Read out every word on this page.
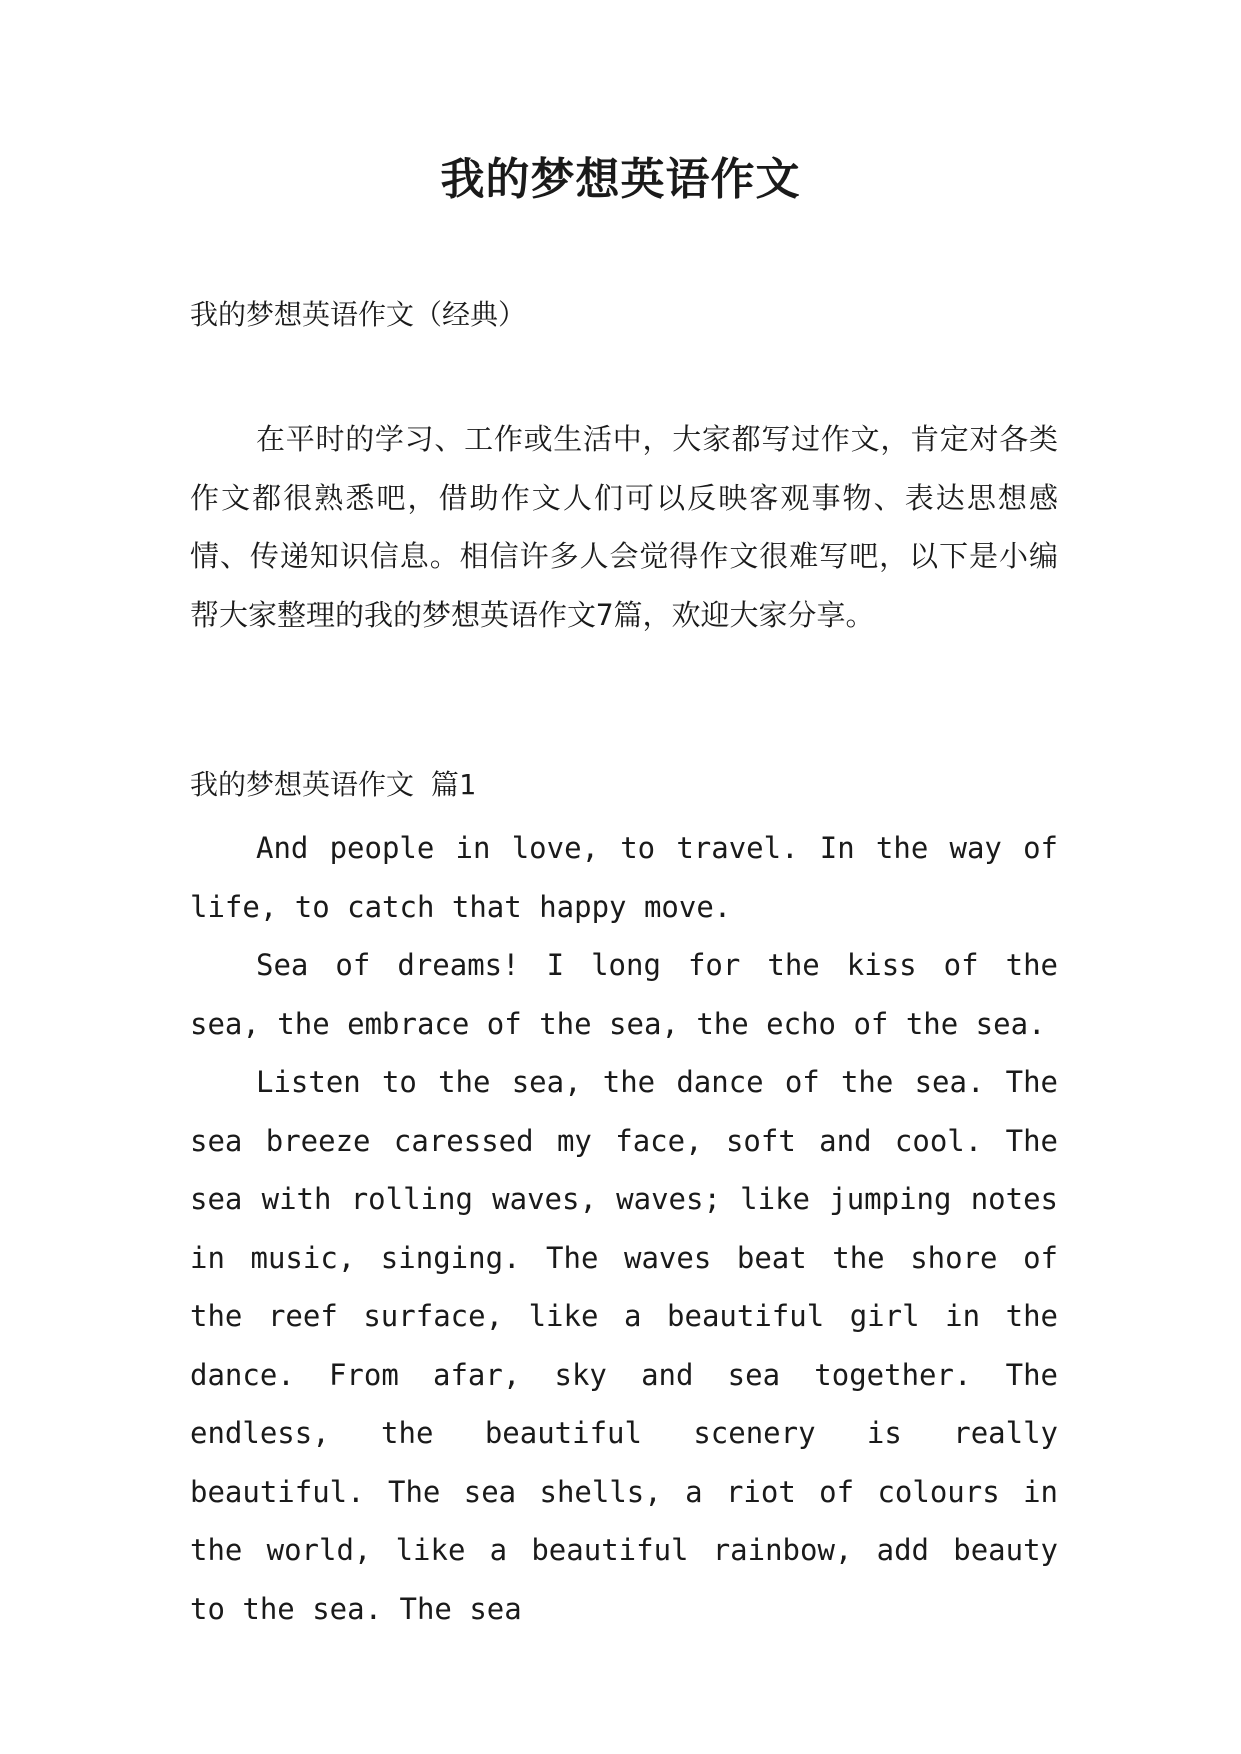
我的梦想英语作文
我的梦想英语作文（经典）
在平时的学习、工作或生活中，大家都写过作文，肯定对各类作文都很熟悉吧，借助作文人们可以反映客观事物、表达思想感情、传递知识信息。相信许多人会觉得作文很难写吧，以下是小编帮大家整理的我的梦想英语作文7篇，欢迎大家分享。
我的梦想英语作文 篇1

And people in love, to travel. In the way of life, to catch that happy move.

Sea of dreams! I long for the kiss of the sea, the embrace of the sea, the echo of the sea.

Listen to the sea, the dance of the sea. The sea breeze caressed my face, soft and cool. The sea with rolling waves, waves; like jumping notes in music, singing. The waves beat the shore of the reef surface, like a beautiful girl in the dance. From afar, sky and sea together. The endless, the beautiful scenery is really beautiful. The sea shells, a riot of colours in the world, like a beautiful rainbow, add beauty to the sea. The sea
